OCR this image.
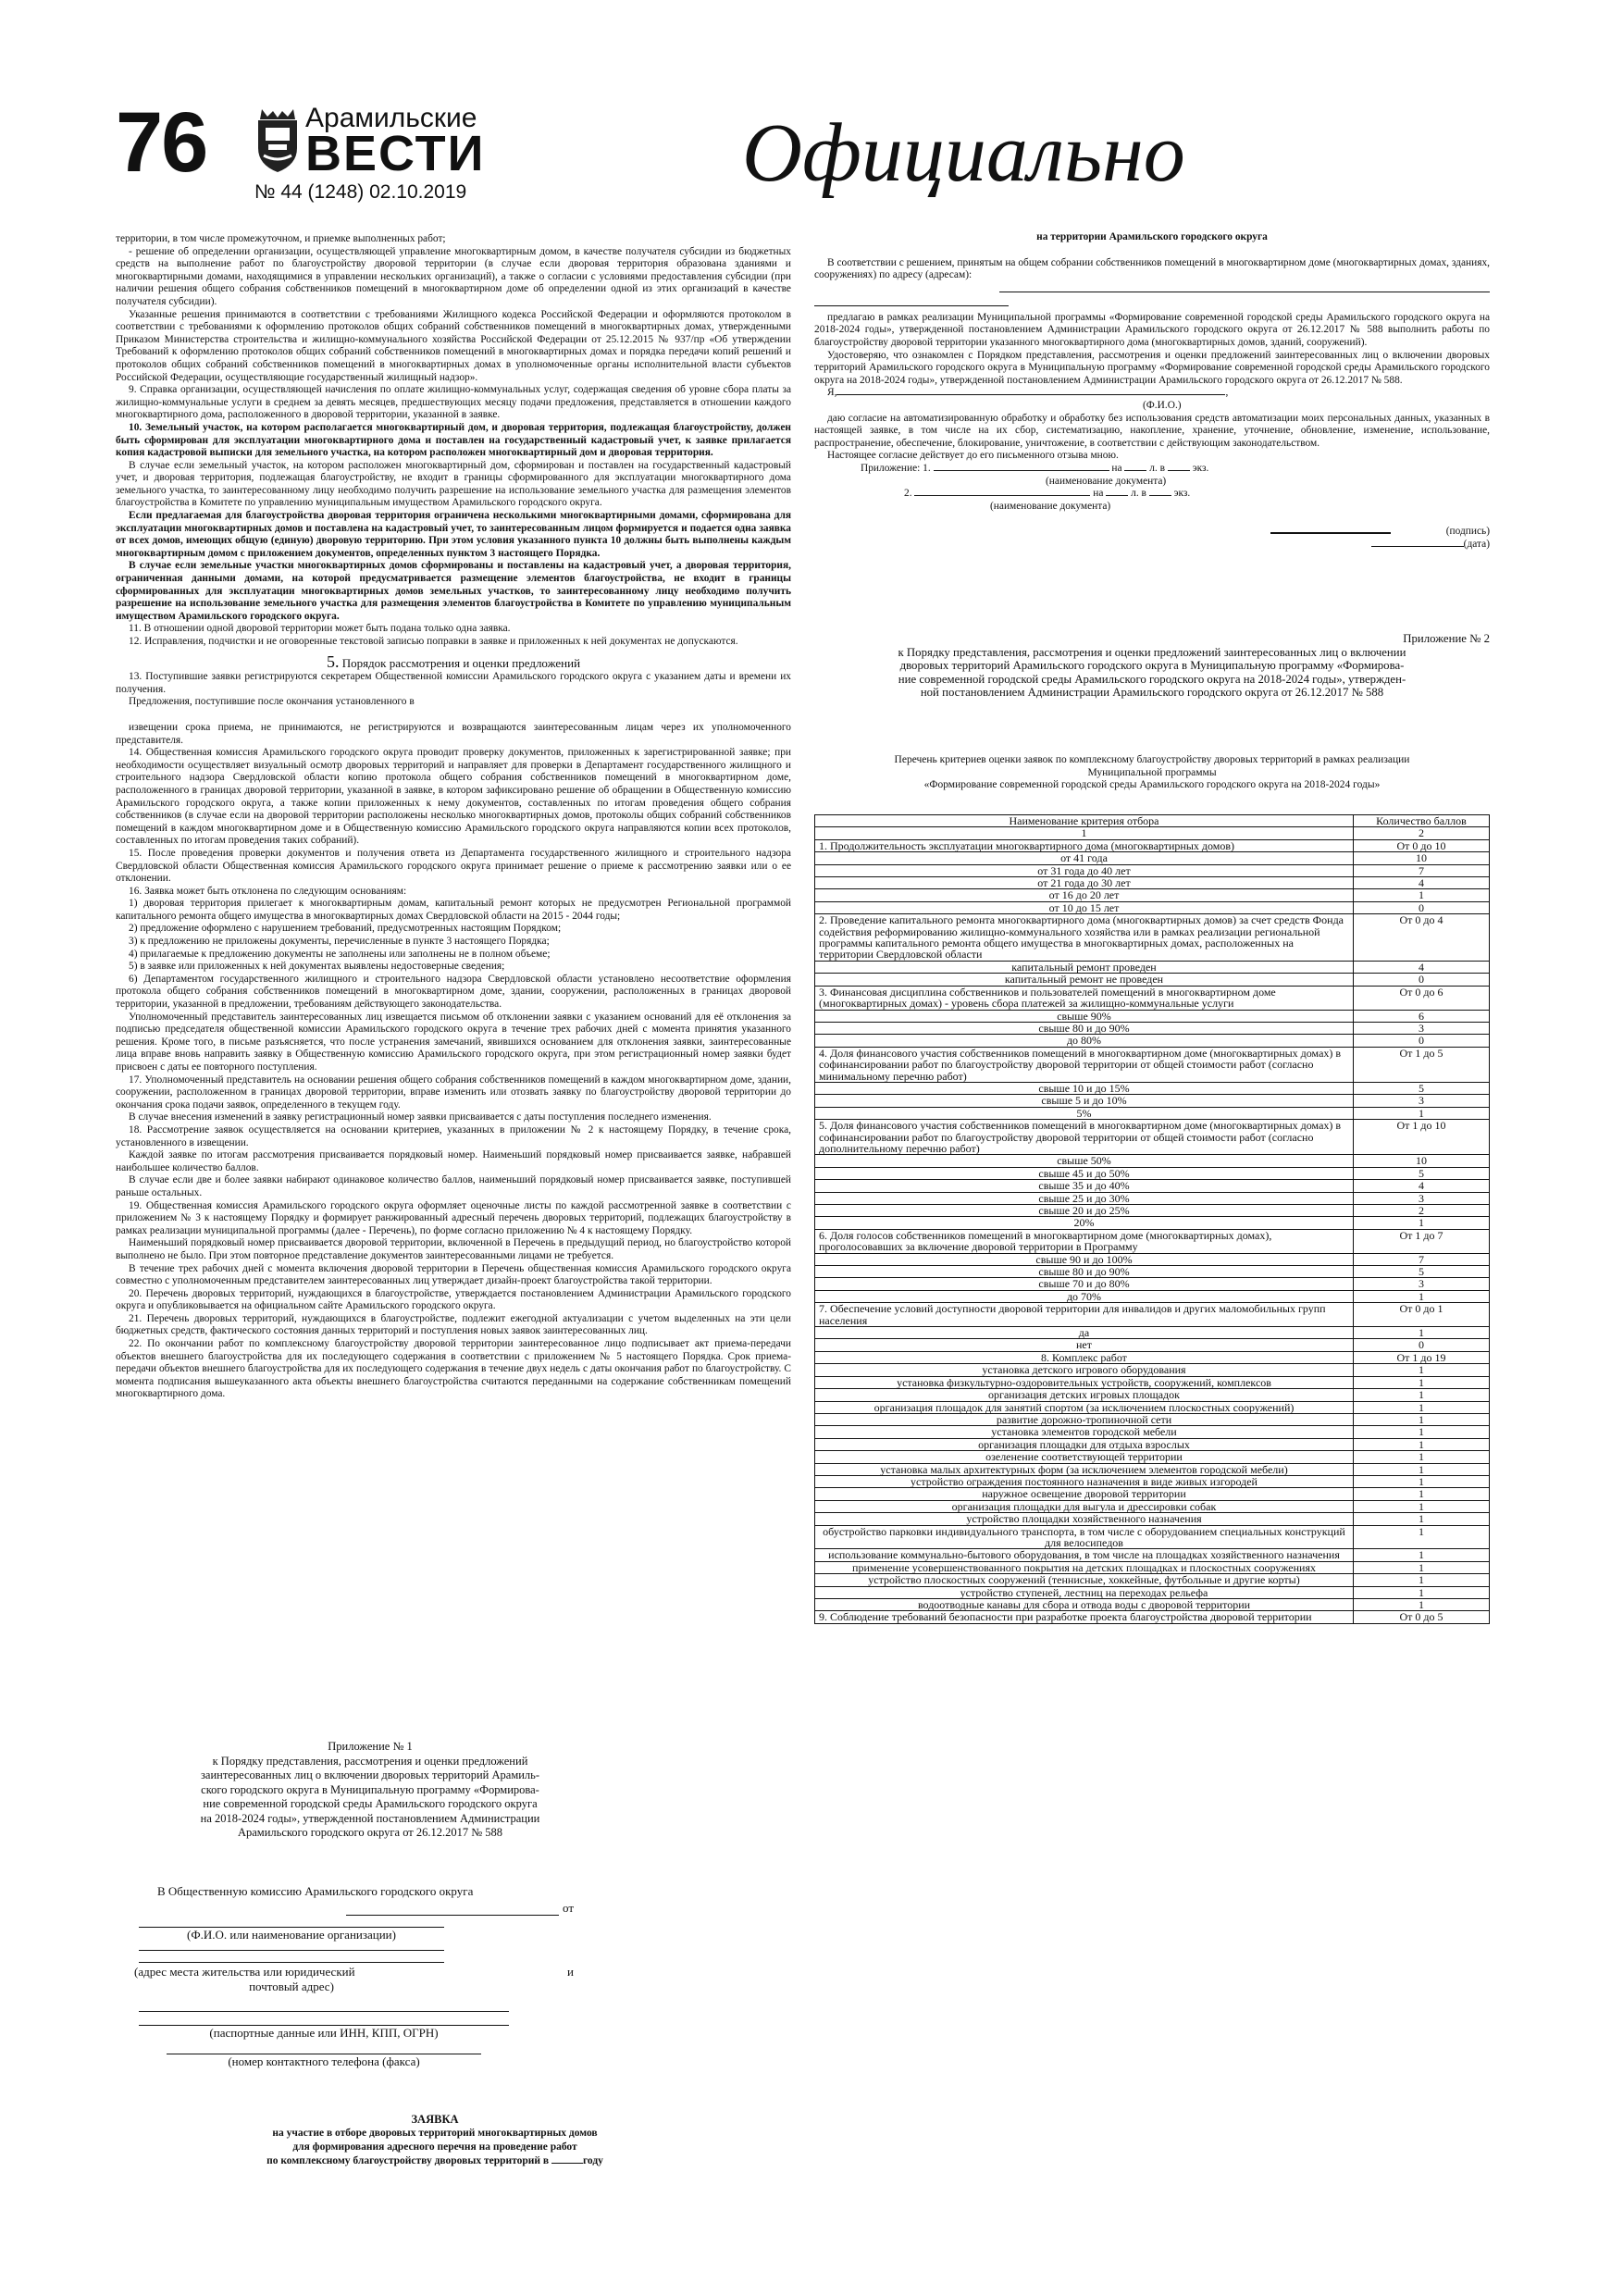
76	Арамильские
ВЕСТИ
№ 44 (1248) 02.10.2019	Официально

территории, в том числе промежуточном, и приемке выполненных работ;

- решение об определении организации, осуществляющей управление многоквартирным домом, в качестве получателя субсидии из бюджетных средств на выполнение работ по благоустройству дворовой территории (в случае если дворовая территория образована зданиями и многоквартирными домами, находящимися в управлении нескольких организаций), а также о согласии с условиями предоставления субсидии (при наличии решения общего собрания собственников помещений в многоквартирном доме об определении одной из этих организаций в качестве получателя субсидии).

Указанные решения принимаются в соответствии с требованиями Жилищного кодекса Российской Федерации и оформляются протоколом в соответствии с требованиями к оформлению протоколов общих собраний собственников помещений в многоквартирных домах, утвержденными Приказом Министерства строительства и жилищно-коммунального хозяйства Российской Федерации от 25.12.2015 № 937/пр «Об утверждении Требований к оформлению протоколов общих собраний собственников помещений в многоквартирных домах и порядка передачи копий решений и протоколов общих собраний собственников помещений в многоквартирных домах в уполномоченные органы исполнительной власти субъектов Российской Федерации, осуществляющие государственный жилищный надзор».

9. Справка организации, осуществляющей начисления по оплате жилищно-коммунальных услуг, содержащая сведения об уровне сбора платы за жилищно-коммунальные услуги в среднем за девять месяцев, предшествующих месяцу подачи предложения, представляется в отношении каждого многоквартирного дома, расположенного в дворовой территории, указанной в заявке.

10. Земельный участок, на котором располагается многоквартирный дом, и дворовая территория, подлежащая благоустройству, должен быть сформирован для эксплуатации многоквартирного дома и поставлен на государственный кадастровый учет, к заявке прилагается копия кадастровой выписки для земельного участка, на котором расположен многоквартирный дом и дворовая территория.

В случае если земельный участок, на котором расположен многоквартирный дом, сформирован и поставлен на государственный кадастровый учет, и дворовая территория, подлежащая благоустройству, не входит в границы сформированного для эксплуатации многоквартирного дома земельного участка, то заинтересованному лицу необходимо получить разрешение на использование земельного участка для размещения элементов благоустройства в Комитете по управлению муниципальным имуществом Арамильского городского округа.

Если предлагаемая для благоустройства дворовая территория ограничена несколькими многоквартирными домами, сформирована для эксплуатации многоквартирных домов и поставлена на кадастровый учет, то заинтересованным лицом формируется и подается одна заявка от всех домов, имеющих общую (единую) дворовую территорию. При этом условия указанного пункта 10 должны быть выполнены каждым многоквартирным домом с приложением документов, определенных пунктом 3 настоящего Порядка.

В случае если земельные участки многоквартирных домов сформированы и поставлены на кадастровый учет, а дворовая территория, ограниченная данными домами, на которой предусматривается размещение элементов благоустройства, не входит в границы сформированных для эксплуатации многоквартирных домов земельных участков, то заинтересованному лицу необходимо получить разрешение на использование земельного участка для размещения элементов благоустройства в Комитете по управлению муниципальным имуществом Арамильского городского округа.

11. В отношении одной дворовой территории может быть подана только одна заявка.

12. Исправления, подчистки и не оговоренные текстовой записью поправки в заявке и приложенных к ней документах не допускаются.

5. Порядок рассмотрения и оценки предложений

13. Поступившие заявки регистрируются секретарем Общественной комиссии Арамильского городского округа с указанием даты и времени их получения.

Предложения, поступившие после окончания установленного в

извещении срока приема, не принимаются, не регистрируются и возвращаются заинтересованным лицам через их уполномоченного представителя.

14. Общественная комиссия Арамильского городского округа проводит проверку документов, приложенных к зарегистрированной заявке; при необходимости осуществляет визуальный осмотр дворовых территорий и направляет для проверки в Департамент государственного жилищного и строительного надзора Свердловской области копию протокола общего собрания собственников помещений в многоквартирном доме, расположенного в границах дворовой территории, указанной в заявке, в котором зафиксировано решение об обращении в Общественную комиссию Арамильского городского округа, а также копии приложенных к нему документов, составленных по итогам проведения общего собрания собственников (в случае если на дворовой территории расположены несколько многоквартирных домов, протоколы общих собраний собственников помещений в каждом многоквартирном доме и в Общественную комиссию Арамильского городского округа направляются копии всех протоколов, составленных по итогам проведения таких собраний).

15. После проведения проверки документов и получения ответа из Департамента государственного жилищного и строительного надзора Свердловской области Общественная комиссия Арамильского городского округа принимает решение о приеме к рассмотрению заявки или о ее отклонении.

16. Заявка может быть отклонена по следующим основаниям:

1) дворовая территория прилегает к многоквартирным домам, капитальный ремонт которых не предусмотрен Региональной программой капитального ремонта общего имущества в многоквартирных домах Свердловской области на 2015 - 2044 годы;

2) предложение оформлено с нарушением требований, предусмотренных настоящим Порядком;

3) к предложению не приложены документы, перечисленные в пункте 3 настоящего Порядка;

4) прилагаемые к предложению документы не заполнены или заполнены не в полном объеме;

5) в заявке или приложенных к ней документах выявлены недостоверные сведения;

6) Департаментом государственного жилищного и строительного надзора Свердловской области установлено несоответствие оформления протокола общего собрания собственников помещений в многоквартирном доме, здании, сооружении, расположенных в границах дворовой территории, указанной в предложении, требованиям действующего законодательства.

Уполномоченный представитель заинтересованных лиц извещается письмом об отклонении заявки с указанием оснований для её отклонения за подписью председателя общественной комиссии Арамильского городского округа в течение трех рабочих дней с момента принятия указанного решения. Кроме того, в письме разъясняется, что после устранения замечаний, явившихся основанием для отклонения заявки, заинтересованные лица вправе вновь направить заявку в Общественную комиссию Арамильского городского округа, при этом регистрационный номер заявки будет присвоен с даты ее повторного поступления.

17. Уполномоченный представитель на основании решения общего собрания собственников помещений в каждом многоквартирном доме, здании, сооружении, расположенном в границах дворовой территории, вправе изменить или отозвать заявку по благоустройству дворовой территории до окончания срока подачи заявок, определенного в текущем году.

В случае внесения изменений в заявку регистрационный номер заявки присваивается с даты поступления последнего изменения.

18. Рассмотрение заявок осуществляется на основании критериев, указанных в приложении № 2 к настоящему Порядку, в течение срока, установленного в извещении.

Каждой заявке по итогам рассмотрения присваивается порядковый номер. Наименьший порядковый номер присваивается заявке, набравшей наибольшее количество баллов.

В случае если две и более заявки набирают одинаковое количество баллов, наименьший порядковый номер присваивается заявке, поступившей раньше остальных.

19. Общественная комиссия Арамильского городского округа оформляет оценочные листы по каждой рассмотренной заявке в соответствии с приложением № 3 к настоящему Порядку и формирует ранжированный адресный перечень дворовых территорий, подлежащих благоустройству в рамках реализации муниципальной программы (далее - Перечень), по форме согласно приложению № 4 к настоящему Порядку.

Наименьший порядковый номер присваивается дворовой территории, включенной в Перечень в предыдущий период, но благоустройство которой выполнено не было. При этом повторное представление документов заинтересованными лицами не требуется.

В течение трех рабочих дней с момента включения дворовой территории в Перечень общественная комиссия Арамильского городского округа совместно с уполномоченным представителем заинтересованных лиц утверждает дизайн-проект благоустройства такой территории.

20. Перечень дворовых территорий, нуждающихся в благоустройстве, утверждается постановлением Администрации Арамильского городского округа и опубликовывается на официальном сайте Арамильского городского округа.

21. Перечень дворовых территорий, нуждающихся в благоустройстве, подлежит ежегодной актуализации с учетом выделенных на эти цели бюджетных средств, фактического состояния данных территорий и поступления новых заявок заинтересованных лиц.

22. По окончании работ по комплексному благоустройству дворовой территории заинтересованное лицо подписывает акт приема-передачи объектов внешнего благоустройства для их последующего содержания в соответствии с приложением № 5 настоящего Порядка. Срок приема-передачи объектов внешнего благоустройства для их последующего содержания в течение двух недель с даты окончания работ по благоустройству. С момента подписания вышеуказанного акта объекты внешнего благоустройства считаются переданными на содержание собственникам помещений многоквартирного дома.

Приложение № 1
к Порядку представления, рассмотрения и оценки предложений
заинтересованных лиц о включении дворовых территорий Арамиль-
ского городского округа в Муниципальную программу «Формирова-
ние современной городской среды Арамильского городского округа
на 2018-2024 годы», утвержденной постановлением Администрации
Арамильского городского округа от 26.12.2017 № 588
В Общественную комиссию Арамильского городского округа
от
(Ф.И.О. или наименование организации)
(адрес места жительства или юридический	и
почтовый адрес)
(паспортные данные или ИНН, КПП, ОГРН)
(номер контактного телефона (факса)
ЗАЯВКА
на участие в отборе дворовых территорий многоквартирных домов
для формирования адресного перечня на проведение работ
по комплексному благоустройству дворовых территорий в	году
на территории Арамильского городского округа

В соответствии с решением, принятым на общем собрании собственников помещений в многоквартирном доме (многоквартирных домах, зданиях, сооружениях) по адресу (адресам):

предлагаю в рамках реализации Муниципальной программы «Формирование современной городской среды Арамильского городского округа на 2018-2024 годы», утвержденной постановлением Администрации Арамильского городского округа от 26.12.2017 № 588 выполнить работы по благоустройству дворовой территории указанного многоквартирного дома (многоквартирных домов, зданий, сооружений).

Удостоверяю, что ознакомлен с Порядком представления, рассмотрения и оценки предложений заинтересованных лиц о включении дворовых территорий Арамильского городского округа в Муниципальную программу «Формирование современной городской среды Арамильского городского округа на 2018-2024 годы», утвержденной постановлением Администрации Арамильского городского округа от 26.12.2017 № 588.

Я,	,

(Ф.И.О.)

даю согласие на автоматизированную обработку и обработку без использования средств автоматизации моих персональных данных, указанных в настоящей заявке, в том числе на их сбор, систематизацию, накопление, хранение, уточнение, обновление, изменение, использование, распространение, обеспечение, блокирование, уничтожение, в соответствии с действующим законодательством.

Настоящее согласие действует до его письменного отзыва мною.

Приложение: 1.	на	л. в	экз.
(наименование документа)
2.	на	л. в	экз.
(наименование документа)
(подпись)
(дата)
Приложение № 2
к Порядку представления, рассмотрения и оценки предложений заинтересованных лиц о включении
дворовых территорий Арамильского городского округа в Муниципальную программу «Формирова-
ние современной городской среды Арамильского городского округа на 2018-2024 годы», утвержден-
ной постановлением Администрации Арамильского городского округа от 26.12.2017 № 588
Перечень критериев оценки заявок по комплексному благоустройству дворовых территорий в рамках реализации
Муниципальной программы
«Формирование современной городской среды Арамильского городского округа на 2018-2024 годы»
Наименование критерия отбора	Количество баллов
1	2
1. Продолжительность эксплуатации многоквартирного дома (многоквартирных домов)	От 0 до 10
от 41 года	10
от 31 года до 40 лет	7
от 21 года до 30 лет	4
от 16 до 20 лет	1
от 10 до 15 лет	0
2. Проведение капитального ремонта многоквартирного дома (многоквартирных домов) за счет средств Фонда содействия реформированию жилищно-коммунального хозяйства или в рамках реализации региональной программы капитального ремонта общего имущества в многоквартирных домах, расположенных на территории Свердловской области	От 0 до 4
капитальный ремонт проведен	4
капитальный ремонт не проведен	0
3. Финансовая дисциплина собственников и пользователей помещений в многоквартирном доме (многоквартирных домах) - уровень сбора платежей за жилищно-коммунальные услуги	От 0 до 6
свыше 90%	6
свыше 80 и до 90%	3
до 80%	0
4. Доля финансового участия собственников помещений в многоквартирном доме (многоквартирных домах) в софинансировании работ по благоустройству дворовой территории от общей стоимости работ (согласно минимальному перечню работ)	От 1 до 5
свыше 10 и до 15%	5
свыше 5 и до 10%	3
5%	1
5. Доля финансового участия собственников помещений в многоквартирном доме (многоквартирных домах) в софинансировании работ по благоустройству дворовой территории от общей стоимости работ (согласно дополнительному перечню работ)	От 1 до 10
свыше 50%	10
свыше 45 и до 50%	5
свыше 35 и до 40%	4
свыше 25 и до 30%	3
свыше 20 и до 25%	2
20%	1
6. Доля голосов собственников помещений в многоквартирном доме (многоквартирных домах), проголосовавших за включение дворовой территории в Программу	От 1 до 7
свыше 90 и до 100%	7
свыше 80 и до 90%	5
свыше 70 и до 80%	3
до 70%	1
7. Обеспечение условий доступности дворовой территории для инвалидов и других маломобильных групп населения	От 0 до 1
да	1
нет	0
8. Комплекс работ	От 1 до 19
установка детского игрового оборудования	1
установка физкультурно-оздоровительных устройств, сооружений, комплексов	1
организация детских игровых площадок	1
организация площадок для занятий спортом (за исключением плоскостных сооружений)	1
развитие дорожно-тропиночной сети	1
установка элементов городской мебели	1
организация площадки для отдыха взрослых	1
озеленение соответствующей территории	1
установка малых архитектурных форм (за исключением элементов городской мебели)	1
устройство ограждения постоянного назначения в виде живых изгородей	1
наружное освещение дворовой территории	1
организация площадки для выгула и дрессировки собак	1
устройство площадки хозяйственного назначения	1
обустройство парковки индивидуального транспорта, в том числе с оборудованием специальных конструкций для велосипедов	1
использование коммунально-бытового оборудования, в том числе на площадках хозяйственного назначения	1
применение усовершенствованного покрытия на детских площадках и плоскостных сооружениях	1
устройство плоскостных сооружений (теннисные, хоккейные, футбольные и другие корты)	1
устройство ступеней, лестниц на переходах рельефа	1
водоотводные канавы для сбора и отвода воды с дворовой территории	1
9. Соблюдение требований безопасности при разработке проекта благоустройства дворовой территории	От 0 до 5
